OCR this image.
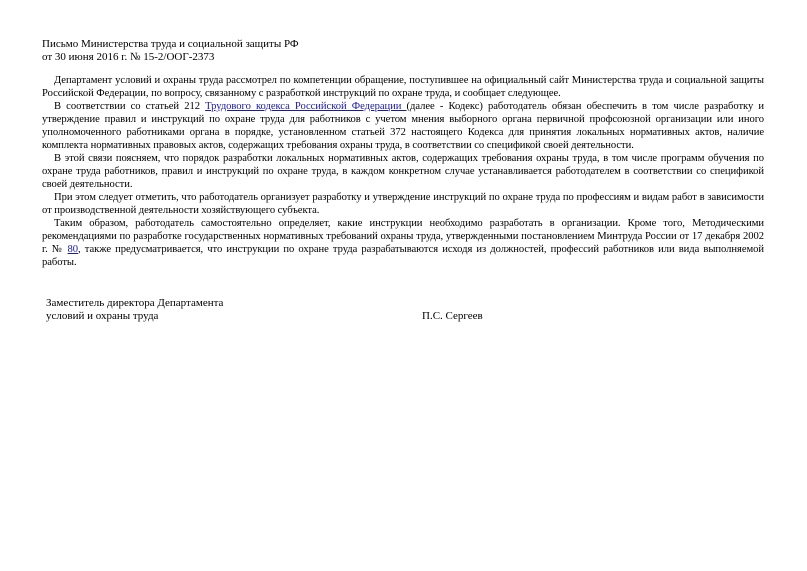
Письмо Министерства труда и социальной защиты РФ
от 30 июня 2016 г. № 15-2/ООГ-2373

Департамент условий и охраны труда рассмотрел по компетенции обращение, поступившее на официальный сайт Министерства труда и социальной защиты Российской Федерации, по вопросу, связанному с разработкой инструкций по охране труда, и сообщает следующее.

В соответствии со статьей 212 Трудового кодекса Российской Федерации (далее - Кодекс) работодатель обязан обеспечить в том числе разработку и утверждение правил и инструкций по охране труда для работников с учетом мнения выборного органа первичной профсоюзной организации или иного уполномоченного работниками органа в порядке, установленном статьей 372 настоящего Кодекса для принятия локальных нормативных актов, наличие комплекта нормативных правовых актов, содержащих требования охраны труда, в соответствии со спецификой своей деятельности.

В этой связи поясняем, что порядок разработки локальных нормативных актов, содержащих требования охраны труда, в том числе программ обучения по охране труда работников, правил и инструкций по охране труда, в каждом конкретном случае устанавливается работодателем в соответствии со спецификой своей деятельности.

При этом следует отметить, что работодатель организует разработку и утверждение инструкций по охране труда по профессиям и видам работ в зависимости от производственной деятельности хозяйствующего субъекта.

Таким образом, работодатель самостоятельно определяет, какие инструкции необходимо разработать в организации. Кроме того, Методическими рекомендациями по разработке государственных нормативных требований охраны труда, утвержденными постановлением Минтруда России от 17 декабря 2002 г. № 80, также предусматривается, что инструкции по охране труда разрабатываются исходя из должностей, профессий работников или вида выполняемой работы.

Заместитель директора Департамента
условий и охраны труда	П.С. Сергеев
